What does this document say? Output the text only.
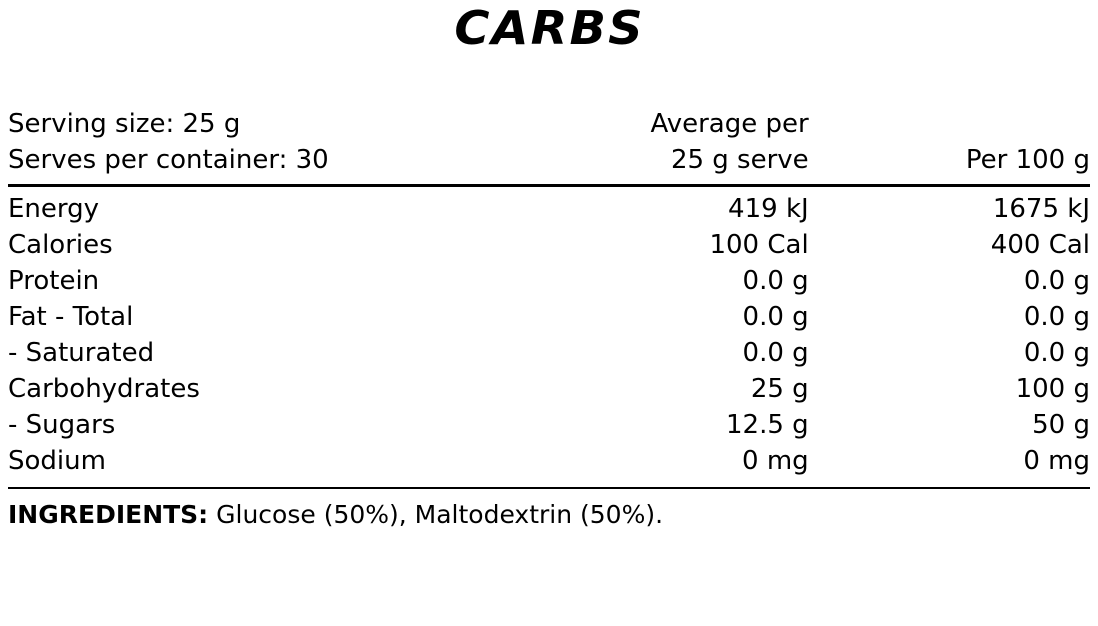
CARBS
Serving size: 25 g	Average per	
Serves per container: 30	25 g serve	Per 100 g
Energy	419 kJ	1675 kJ
Calories	100 Cal	400 Cal
Protein	0.0 g	0.0 g
Fat - Total	0.0 g	0.0 g
- Saturated	0.0 g	0.0 g
Carbohydrates	25 g	100 g
- Sugars	12.5 g	50 g
Sodium	0 mg	0 mg
INGREDIENTS: Glucose (50%), Maltodextrin (50%).
